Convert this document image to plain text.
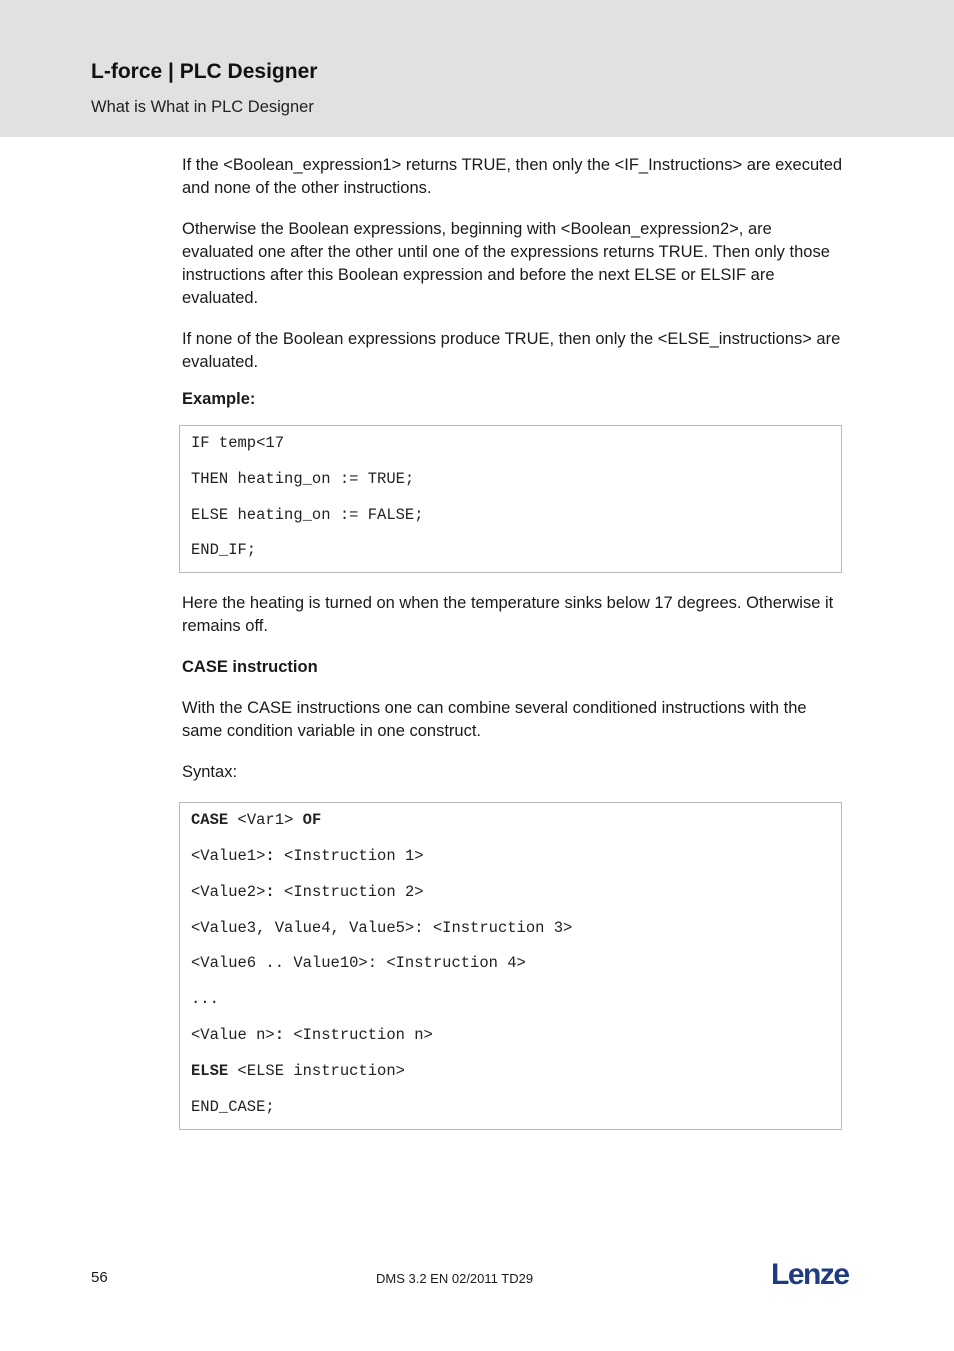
L-force | PLC Designer
What is What in PLC Designer

If the <Boolean_expression1> returns TRUE, then only the <IF_Instructions> are executed and none of the other instructions.

Otherwise the Boolean expressions, beginning with <Boolean_expression2>, are evaluated one after the other until one of the expressions returns TRUE. Then only those instructions after this Boolean expression and before the next ELSE or ELSIF are evaluated.

If none of the Boolean expressions produce TRUE, then only the <ELSE_instructions> are evaluated.

Example:
IF temp<17
THEN heating_on := TRUE;
ELSE heating_on := FALSE;
END_IF;

Here the heating is turned on when the temperature sinks below 17 degrees. Otherwise it remains off.

CASE instruction

With the CASE instructions one can combine several conditioned instructions with the same condition variable in one construct.

Syntax:
CASE <Var1> OF
<Value1>: <Instruction 1>
<Value2>: <Instruction 2>
<Value3, Value4, Value5>: <Instruction 3>
<Value6 .. Value10>: <Instruction 4>
...
<Value n>: <Instruction n>
ELSE <ELSE instruction>
END_CASE;
56	DMS 3.2 EN 02/2011 TD29	Lenze
